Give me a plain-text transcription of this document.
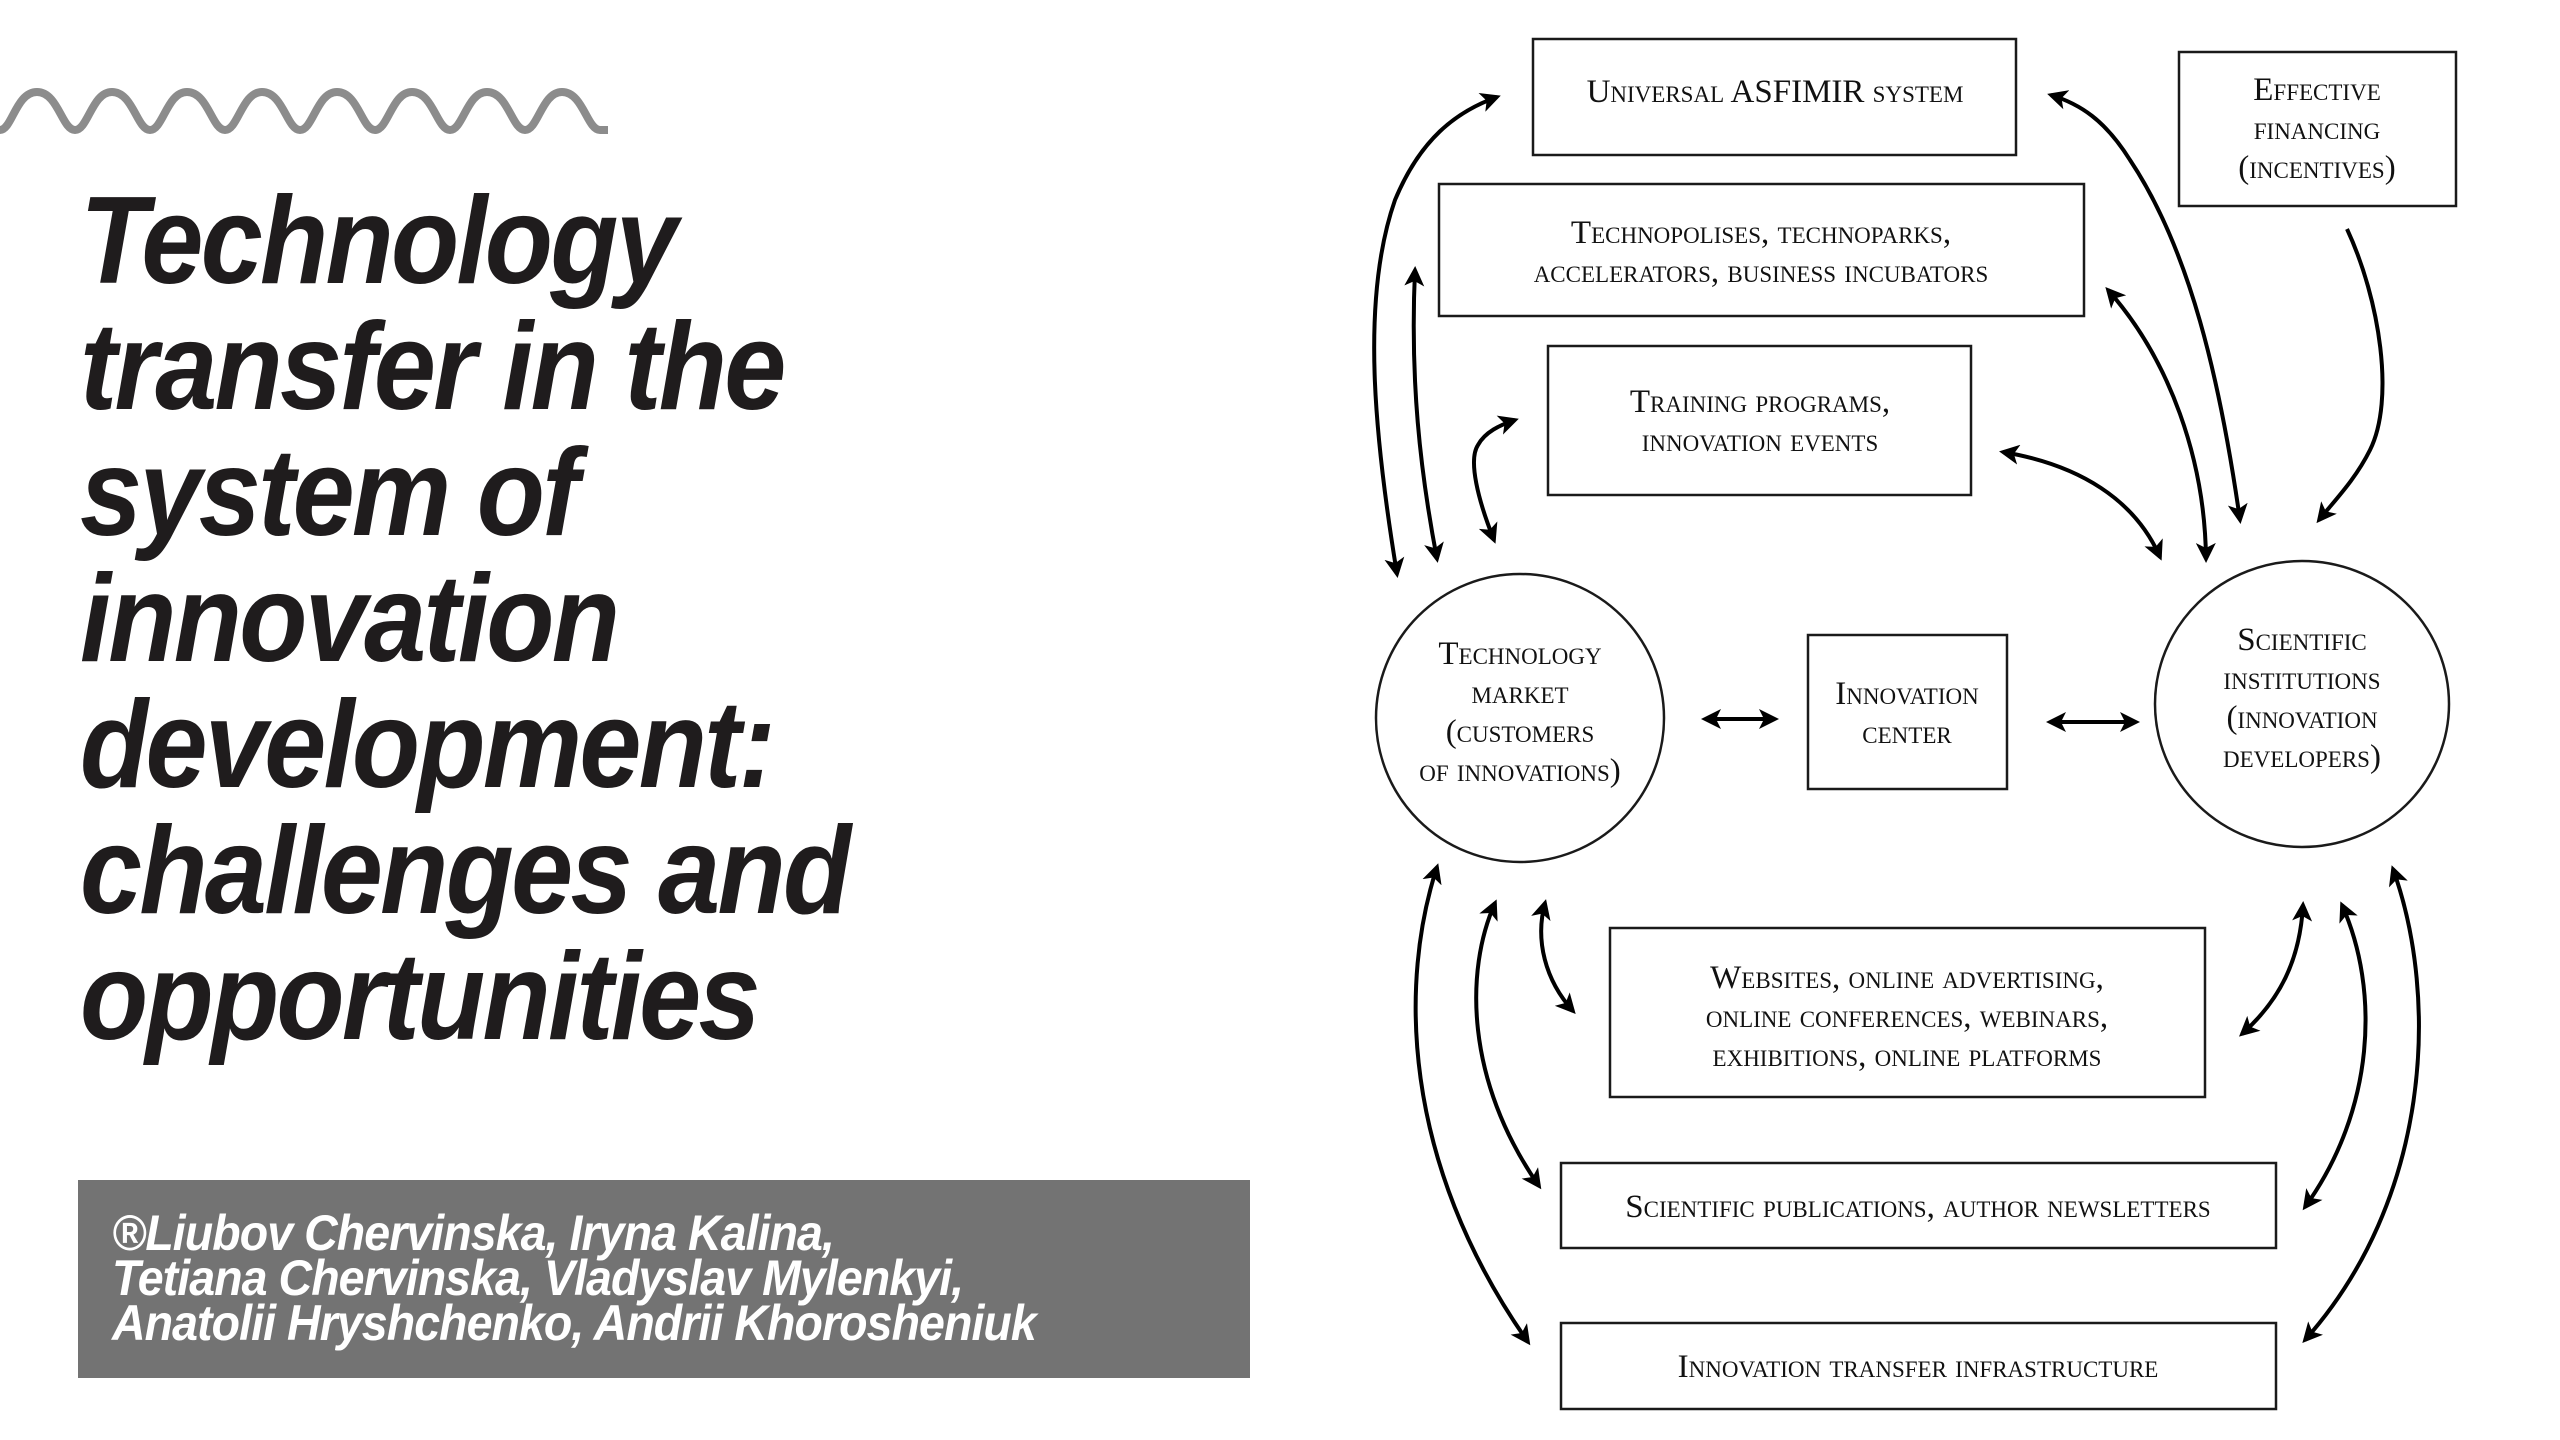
Technology
transfer in the
system of
innovation
development:
challenges and
opportunities
®Liubov Chervinska, Iryna Kalina,
Tetiana Chervinska, Vladyslav Mylenkyi,
Anatolii Hryshchenko, Andrii Khorosheniuk
Universal ASFIMIR system	Effective
financing
(incentives)
Technopolises, technoparks,
accelerators, business incubators
Training programs,
innovation events
Technology
market
(customers
of innovations)
Innovation
center
Scientific
institutions
(innovation
developers)
Websites, online advertising,
online conferences, webinars,
exhibitions, online platforms
Scientific publications, author newsletters
Innovation transfer infrastructure
